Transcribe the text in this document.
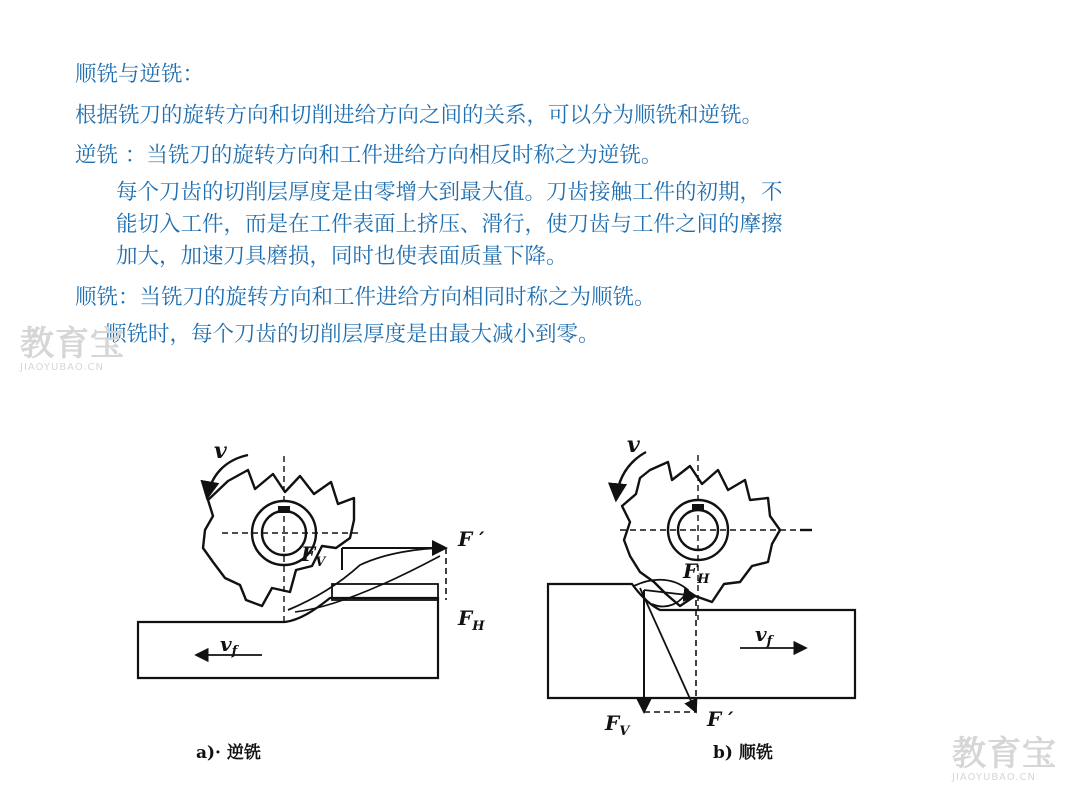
顺铣与逆铣：
根据铣刀的旋转方向和切削进给方向之间的关系，可以分为顺铣和逆铣。
逆铣 ：当铣刀的旋转方向和工件进给方向相反时称之为逆铣。
每个刀齿的切削层厚度是由零增大到最大值。刀齿接触工件的初期，不
能切入工件，而是在工件表面上挤压、滑行，使刀齿与工件之间的摩擦
加大，加速刀具磨损，同时也使表面质量下降。
顺铣：当铣刀的旋转方向和工件进给方向相同时称之为顺铣。
顺铣时，每个刀齿的切削层厚度是由最大减小到零。
教育宝
JIAOYUBAO.CN
教育宝
JIAOYUBAO.CN
v
$F_V$
F ′
$F_H$
$v_f$
a)· 逆铣
v
$F_H$
$F_V$
F ′
$v_f$
b) 顺铣
